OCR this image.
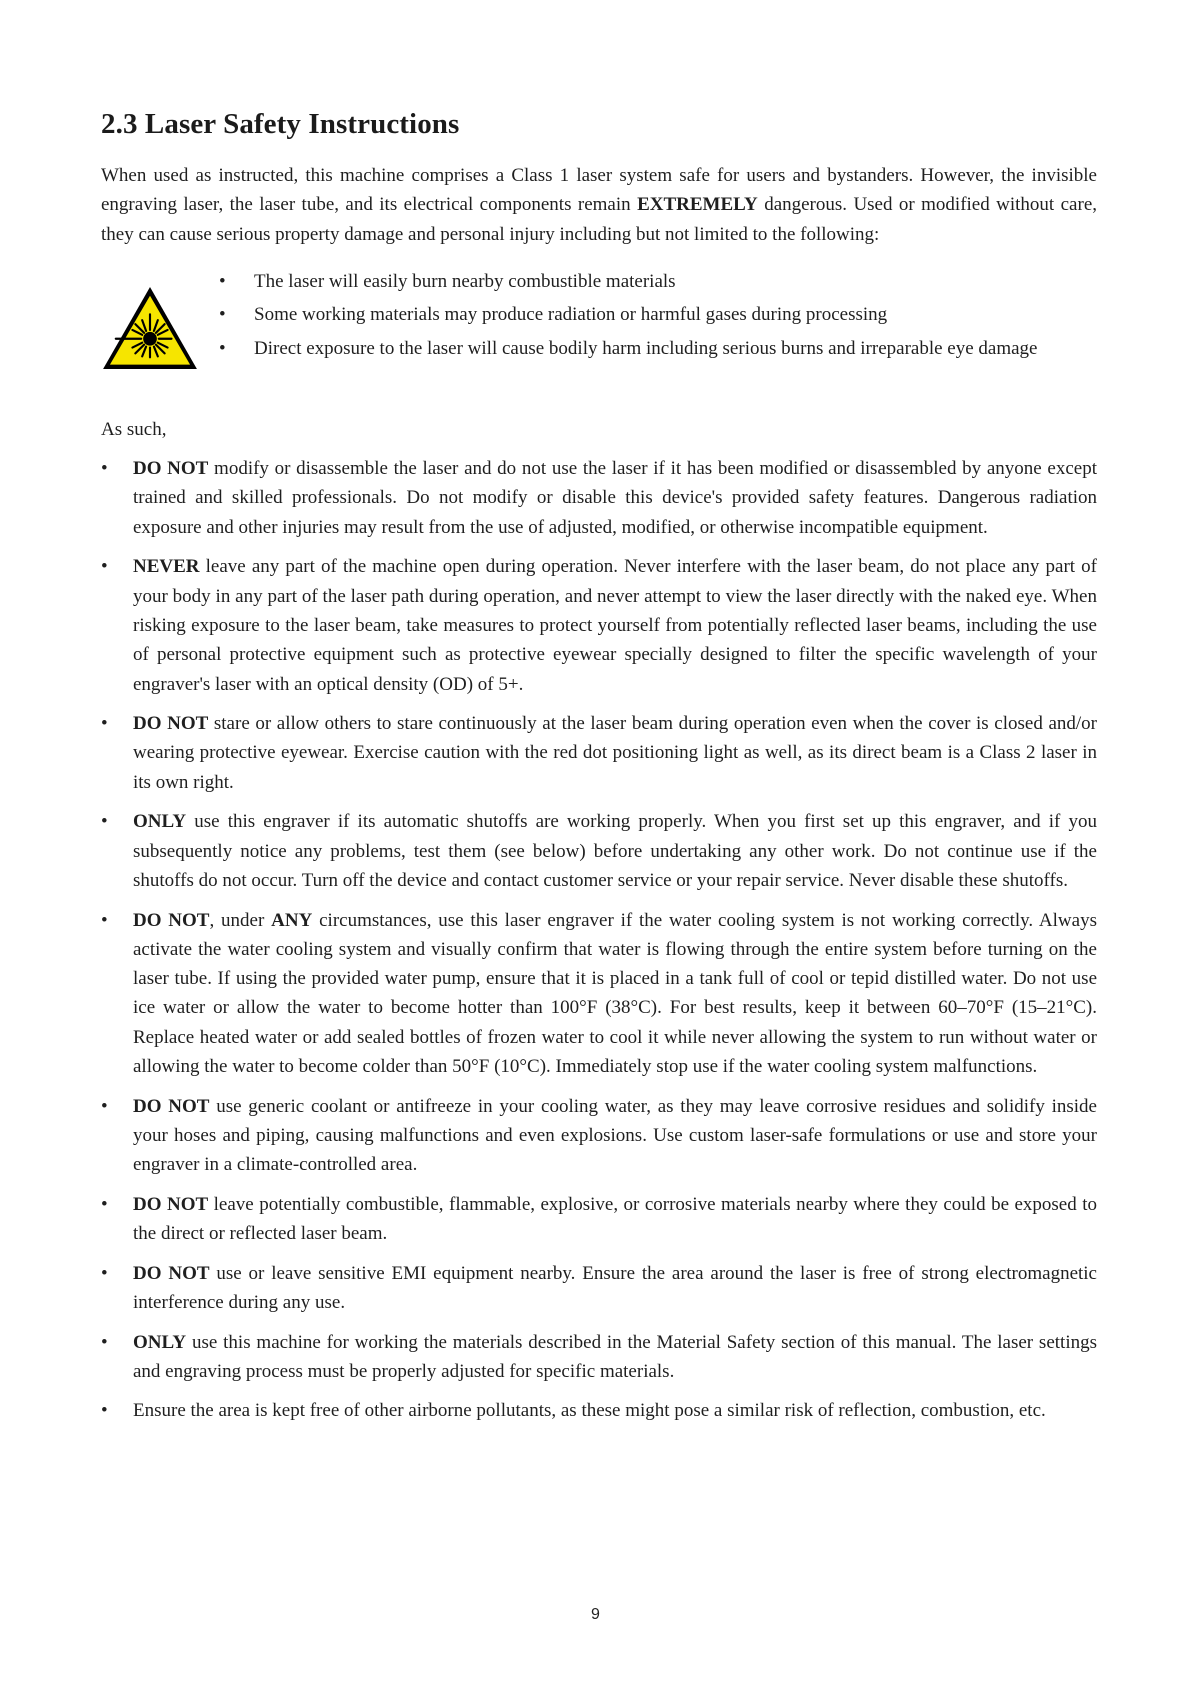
2.3 Laser Safety Instructions

When used as instructed, this machine comprises a Class 1 laser system safe for users and bystanders. However, the invisible engraving laser, the laser tube, and its electrical components remain EXTREMELY dangerous. Used or modified without care, they can cause serious property damage and personal injury including but not limited to the following:

• The laser will easily burn nearby combustible materials
• Some working materials may produce radiation or harmful gases during processing
• Direct exposure to the laser will cause bodily harm including serious burns and irreparable eye damage

As such,

• DO NOT modify or disassemble the laser and do not use the laser if it has been modified or disassembled by anyone except trained and skilled professionals. Do not modify or disable this device's provided safety features. Dangerous radiation exposure and other injuries may result from the use of adjusted, modified, or otherwise incompatible equipment.
• NEVER leave any part of the machine open during operation. Never interfere with the laser beam, do not place any part of your body in any part of the laser path during operation, and never attempt to view the laser directly with the naked eye. When risking exposure to the laser beam, take measures to protect yourself from potentially reflected laser beams, including the use of personal protective equipment such as protective eyewear specially designed to filter the specific wavelength of your engraver's laser with an optical density (OD) of 5+.
• DO NOT stare or allow others to stare continuously at the laser beam during operation even when the cover is closed and/or wearing protective eyewear. Exercise caution with the red dot positioning light as well, as its direct beam is a Class 2 laser in its own right.
• ONLY use this engraver if its automatic shutoffs are working properly. When you first set up this engraver, and if you subsequently notice any problems, test them (see below) before undertaking any other work. Do not continue use if the shutoffs do not occur. Turn off the device and contact customer service or your repair service. Never disable these shutoffs.
• DO NOT, under ANY circumstances, use this laser engraver if the water cooling system is not working correctly. Always activate the water cooling system and visually confirm that water is flowing through the entire system before turning on the laser tube. If using the provided water pump, ensure that it is placed in a tank full of cool or tepid distilled water. Do not use ice water or allow the water to become hotter than 100°F (38°C). For best results, keep it between 60–70°F (15–21°C). Replace heated water or add sealed bottles of frozen water to cool it while never allowing the system to run without water or allowing the water to become colder than 50°F (10°C). Immediately stop use if the water cooling system malfunctions.
• DO NOT use generic coolant or antifreeze in your cooling water, as they may leave corrosive residues and solidify inside your hoses and piping, causing malfunctions and even explosions. Use custom laser-safe formulations or use and store your engraver in a climate-controlled area.
• DO NOT leave potentially combustible, flammable, explosive, or corrosive materials nearby where they could be exposed to the direct or reflected laser beam.
• DO NOT use or leave sensitive EMI equipment nearby. Ensure the area around the laser is free of strong electromagnetic interference during any use.
• ONLY use this machine for working the materials described in the Material Safety section of this manual. The laser settings and engraving process must be properly adjusted for specific materials.
• Ensure the area is kept free of other airborne pollutants, as these might pose a similar risk of reflection, combustion, etc.
9
